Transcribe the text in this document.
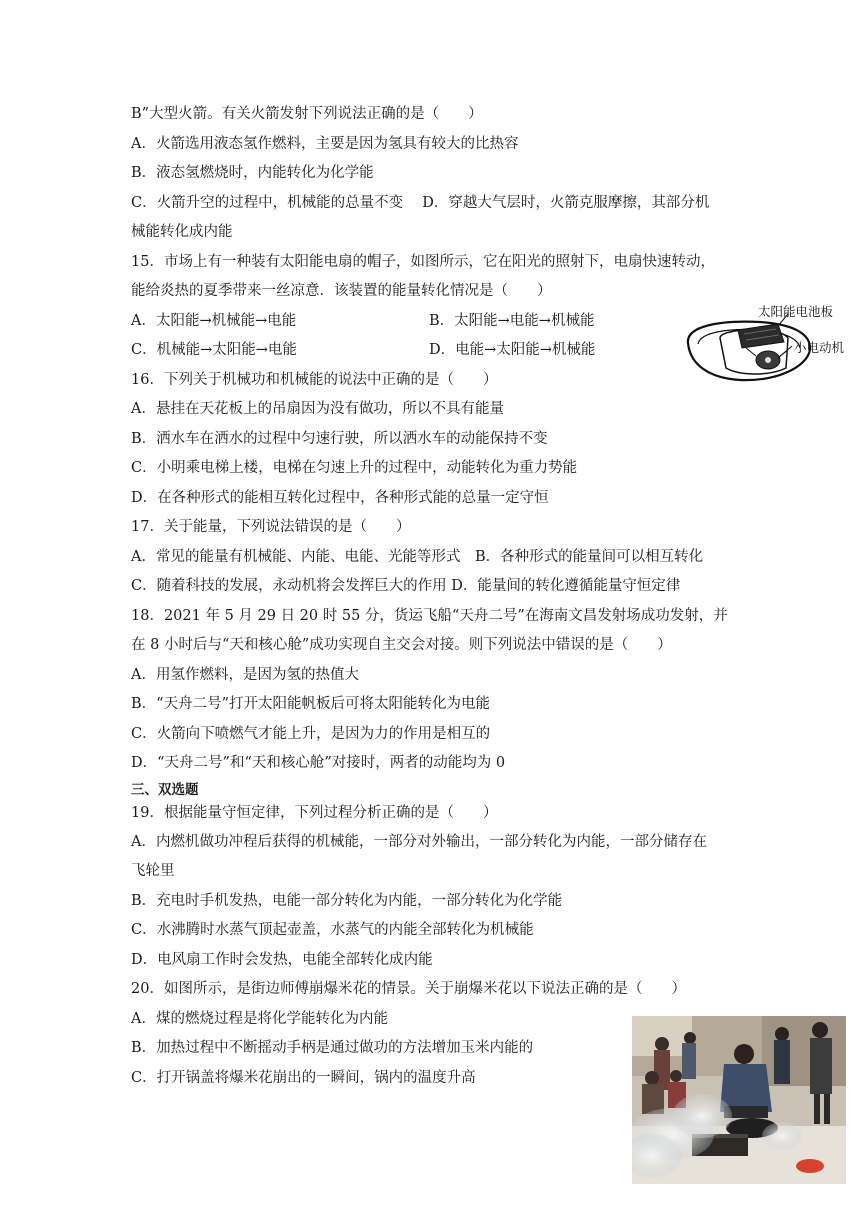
B”大型火箭。有关火箭发射下列说法正确的是（　　）
A．火箭选用液态氢作燃料，主要是因为氢具有较大的比热容
B．液态氢燃烧时，内能转化为化学能
C．火箭升空的过程中，机械能的总量不变　 D．穿越大气层时，火箭克服摩擦，其部分机
械能转化成内能
15．市场上有一种装有太阳能电扇的帽子，如图所示，它在阳光的照射下，电扇快速转动，
能给炎热的夏季带来一丝凉意．该装置的能量转化情况是（　　）
A．太阳能→机械能→电能	B．太阳能→电能→机械能
C．机械能→太阳能→电能	D．电能→太阳能→机械能
16．下列关于机械功和机械能的说法中正确的是（　　）
A．悬挂在天花板上的吊扇因为没有做功，所以不具有能量
B．洒水车在洒水的过程中匀速行驶，所以洒水车的动能保持不变
C．小明乘电梯上楼，电梯在匀速上升的过程中，动能转化为重力势能
D．在各种形式的能相互转化过程中，各种形式能的总量一定守恒
17．关于能量，下列说法错误的是（　　）
A．常见的能量有机械能、内能、电能、光能等形式　B．各种形式的能量间可以相互转化
C．随着科技的发展，永动机将会发挥巨大的作用 D．能量间的转化遵循能量守恒定律
18．2021 年 5 月 29 日 20 时 55 分，货运飞船“天舟二号”在海南文昌发射场成功发射，并
在 8 小时后与“天和核心舱”成功实现自主交会对接。则下列说法中错误的是（　　）
A．用氢作燃料，是因为氢的热值大
B．“天舟二号”打开太阳能帆板后可将太阳能转化为电能
C．火箭向下喷燃气才能上升，是因为力的作用是相互的
D．“天舟二号”和“天和核心舱”对接时，两者的动能均为 0
三、双选题
19．根据能量守恒定律，下列过程分析正确的是（　　）
A．内燃机做功冲程后获得的机械能，一部分对外输出，一部分转化为内能，一部分储存在
飞轮里
B．充电时手机发热，电能一部分转化为内能，一部分转化为化学能
C．水沸腾时水蒸气顶起壶盖，水蒸气的内能全部转化为机械能
D．电风扇工作时会发热，电能全部转化成内能
20．如图所示，是街边师傅崩爆米花的情景。关于崩爆米花以下说法正确的是（　　）
A．煤的燃烧过程是将化学能转化为内能
B．加热过程中不断摇动手柄是通过做功的方法增加玉米内能的
C．打开锅盖将爆米花崩出的一瞬间，锅内的温度升高
太阳能电池板
小电动机
